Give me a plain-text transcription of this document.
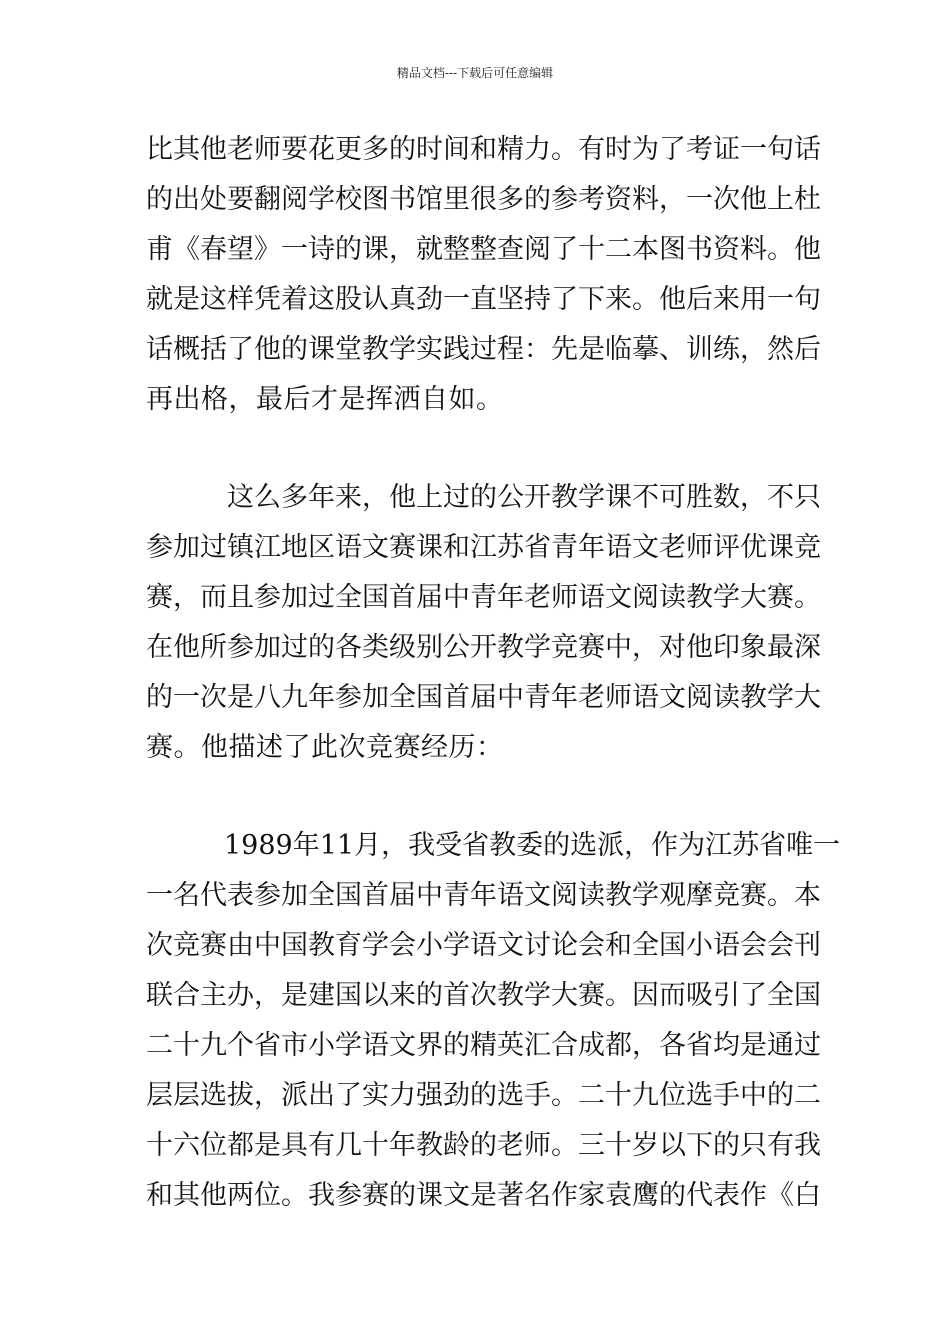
精品文档---下载后可任意编辑
比 其 他 老 师 要 花 更 多 的 时 间 和 精 力 。 有 时 为 了 考 证 一 句 话
的 出 处 要 翻 阅 学 校 图 书 馆 里 很 多 的 参 考 资 料 ， 一 次 他 上 杜
甫 《 春 望 》 一 诗 的 课 ， 就 整 整 查 阅 了 十 二 本 图 书 资 料 。 他
就 是 这 样 凭 着 这 股 认 真 劲 一 直 坚 持 了 下 来 。 他 后 来 用 一 句
话 概 括 了 他 的 课 堂 教 学 实 践 过 程 ： 先 是 临 摹 、 训 练 ， 然 后
再出格，最后才是挥洒自如。
这 么 多 年 来 ， 他 上 过 的 公 开 教 学 课 不 可 胜 数 ， 不 只
参 加 过 镇 江 地 区 语 文 赛 课 和 江 苏 省 青 年 语 文 老 师 评 优 课 竞
赛 ， 而 且 参 加 过 全 国 首 届 中 青 年 老 师 语 文 阅 读 教 学 大 赛 。
在 他 所 参 加 过 的 各 类 级 别 公 开 教 学 竞 赛 中 ， 对 他 印 象 最 深
的 一 次 是 八 九 年 参 加 全 国 首 届 中 青 年 老 师 语 文 阅 读 教 学 大
赛。他描述了此次竞赛经历：
1989 年 11 月 ， 我 受 省 教 委 的 选 派 ， 作 为 江 苏 省 唯 一
一 名 代 表 参 加 全 国 首 届 中 青 年 语 文 阅 读 教 学 观 摩 竞 赛 。 本
次 竞 赛 由 中 国 教 育 学 会 小 学 语 文 讨 论 会 和 全 国 小 语 会 会 刊
联 合 主 办 ， 是 建 国 以 来 的 首 次 教 学 大 赛 。 因 而 吸 引 了 全 国
二 十 九 个 省 市 小 学 语 文 界 的 精 英 汇 合 成 都 ， 各 省 均 是 通 过
层 层 选 拔 ， 派 出 了 实 力 强 劲 的 选 手 。 二 十 九 位 选 手 中 的 二
十 六 位 都 是 具 有 几 十 年 教 龄 的 老 师 。 三 十 岁 以 下 的 只 有 我
和 其 他 两 位 。 我 参 赛 的 课 文 是 著 名 作 家 袁 鹰 的 代 表 作 《 白
